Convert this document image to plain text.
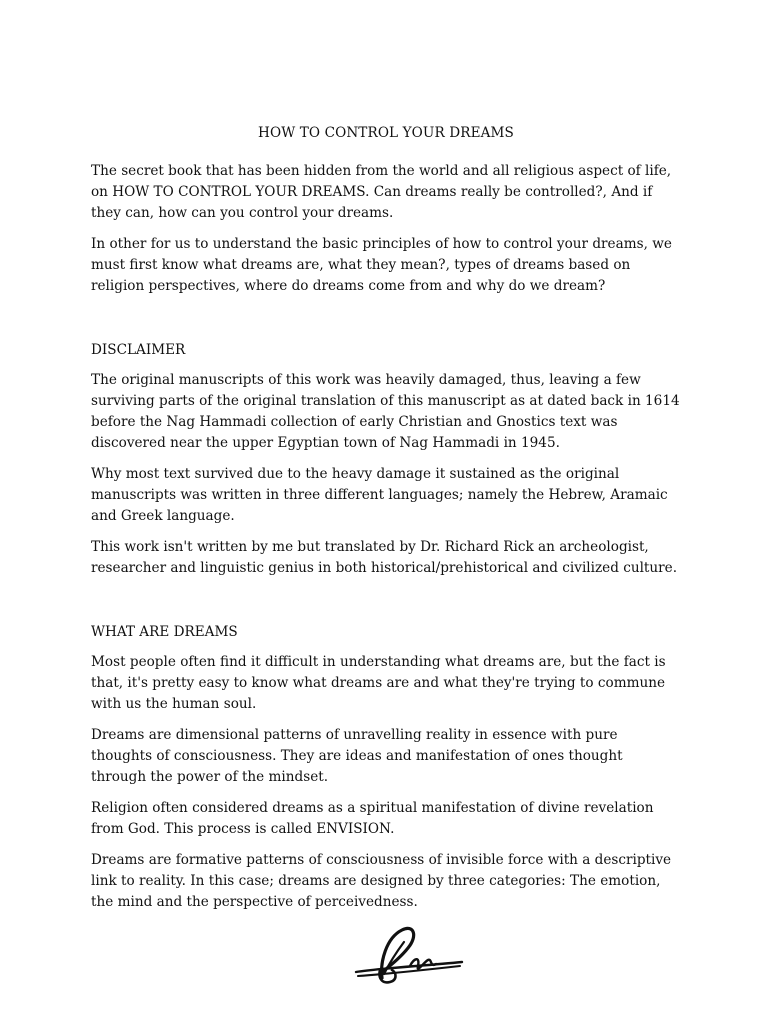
HOW TO CONTROL YOUR DREAMS

The secret book that has been hidden from the world and all religious aspect of life, on HOW TO CONTROL YOUR DREAMS. Can dreams really be controlled?, And if they can, how can you control your dreams.

In other for us to understand the basic principles of how to control your dreams, we must first know what dreams are, what they mean?, types of dreams based on religion perspectives, where do dreams come from and why do we dream?

DISCLAIMER

The original manuscripts of this work was heavily damaged, thus, leaving a few surviving parts of the original translation of this manuscript as at dated back in 1614 before the Nag Hammadi collection of early Christian and Gnostics text was discovered near the upper Egyptian town of Nag Hammadi in 1945.

Why most text survived due to the heavy damage it sustained as the original manuscripts was written in three different languages; namely the Hebrew, Aramaic and Greek language.

This work isn't written by me but translated by Dr. Richard Rick an archeologist, researcher and linguistic genius in both historical/prehistorical and civilized culture.

WHAT ARE DREAMS

Most people often find it difficult in understanding what dreams are, but the fact is that, it's pretty easy to know what dreams are and what they're trying to commune with us the human soul.

Dreams are dimensional patterns of unravelling reality in essence with pure thoughts of consciousness. They are ideas and manifestation of ones thought through the power of the mindset.

Religion often considered dreams as a spiritual manifestation of divine revelation from God. This process is called ENVISION.

Dreams are formative patterns of consciousness of invisible force with a descriptive link to reality. In this case; dreams are designed by three categories: The emotion, the mind and the perspective of perceivedness.
